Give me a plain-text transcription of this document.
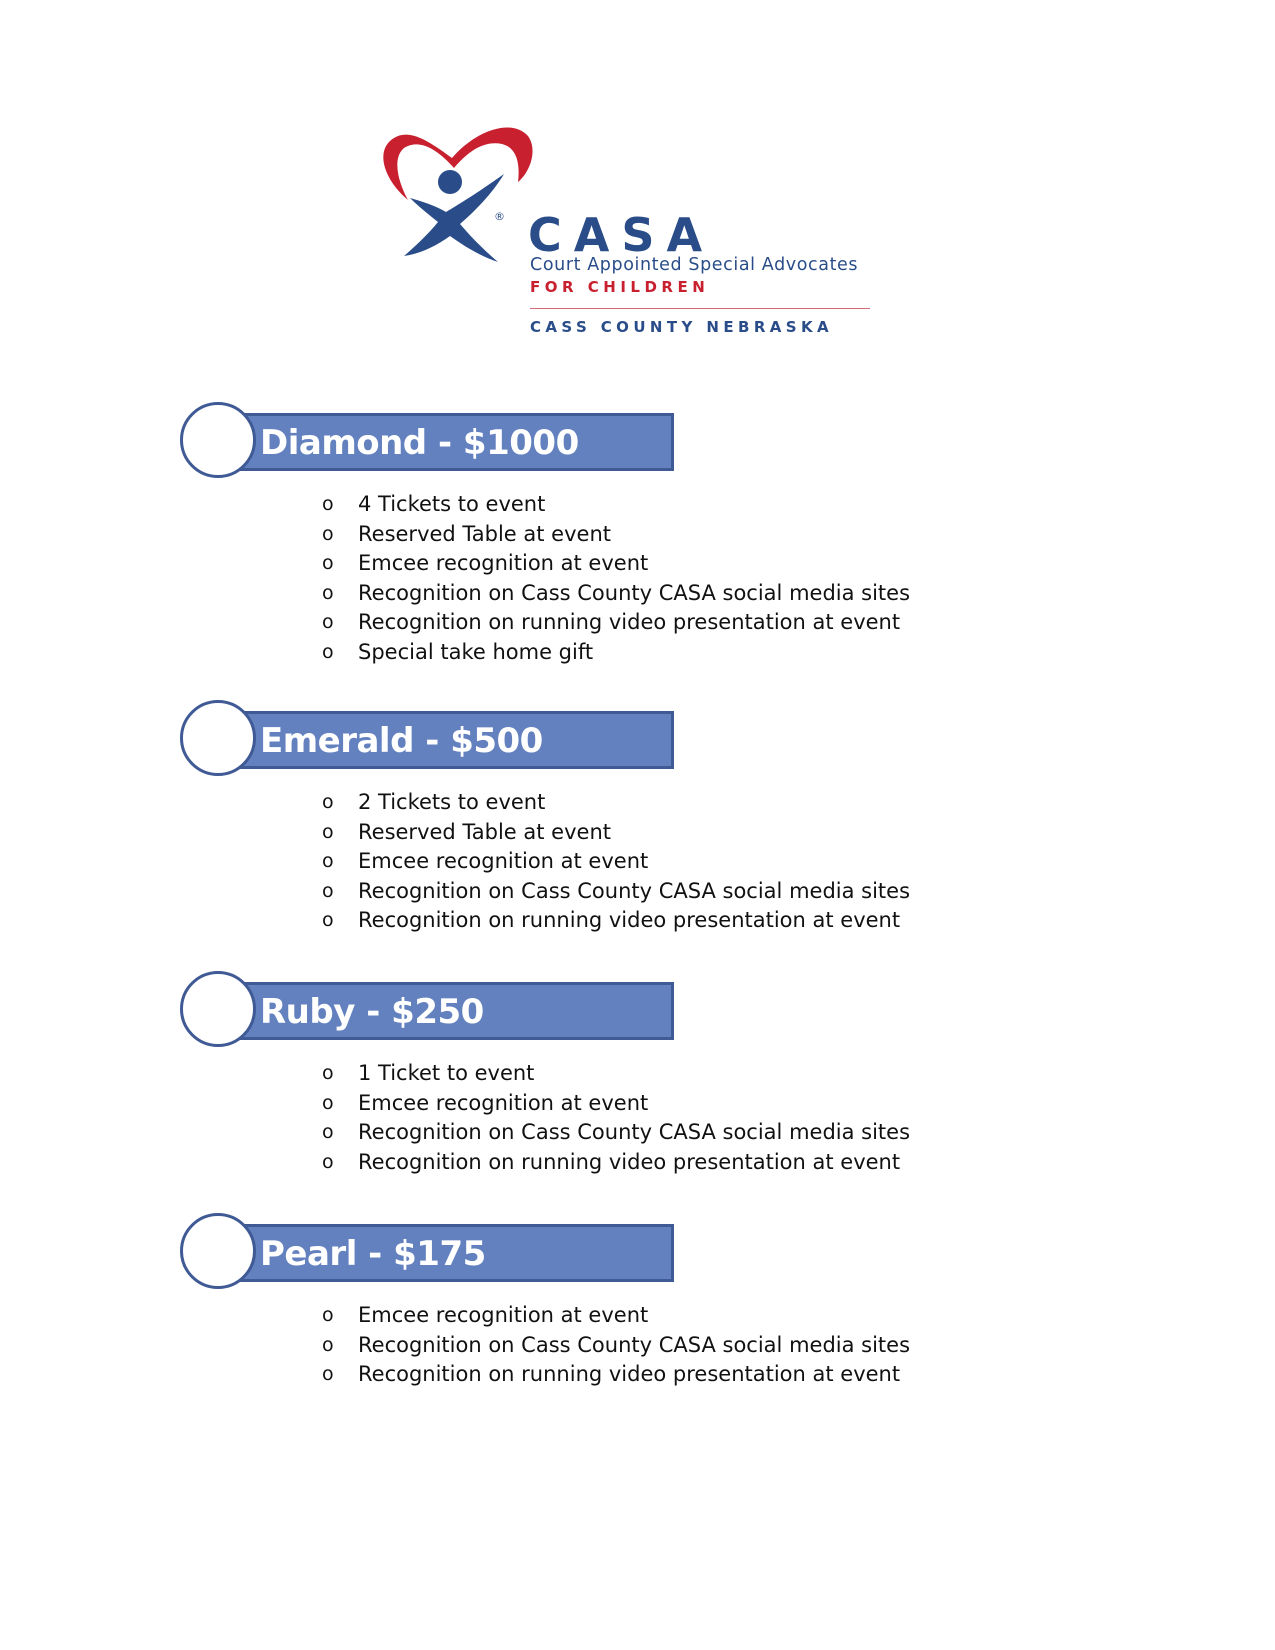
® CASA
Court Appointed Special Advocates
FOR CHILDREN
CASS COUNTY NEBRASKA
Diamond - $1000
o 4 Tickets to event
o Reserved Table at event
o Emcee recognition at event
o Recognition on Cass County CASA social media sites
o Recognition on running video presentation at event
o Special take home gift
Emerald - $500
o 2 Tickets to event
o Reserved Table at event
o Emcee recognition at event
o Recognition on Cass County CASA social media sites
o Recognition on running video presentation at event
Ruby - $250
o 1 Ticket to event
o Emcee recognition at event
o Recognition on Cass County CASA social media sites
o Recognition on running video presentation at event
Pearl - $175
o Emcee recognition at event
o Recognition on Cass County CASA social media sites
o Recognition on running video presentation at event
